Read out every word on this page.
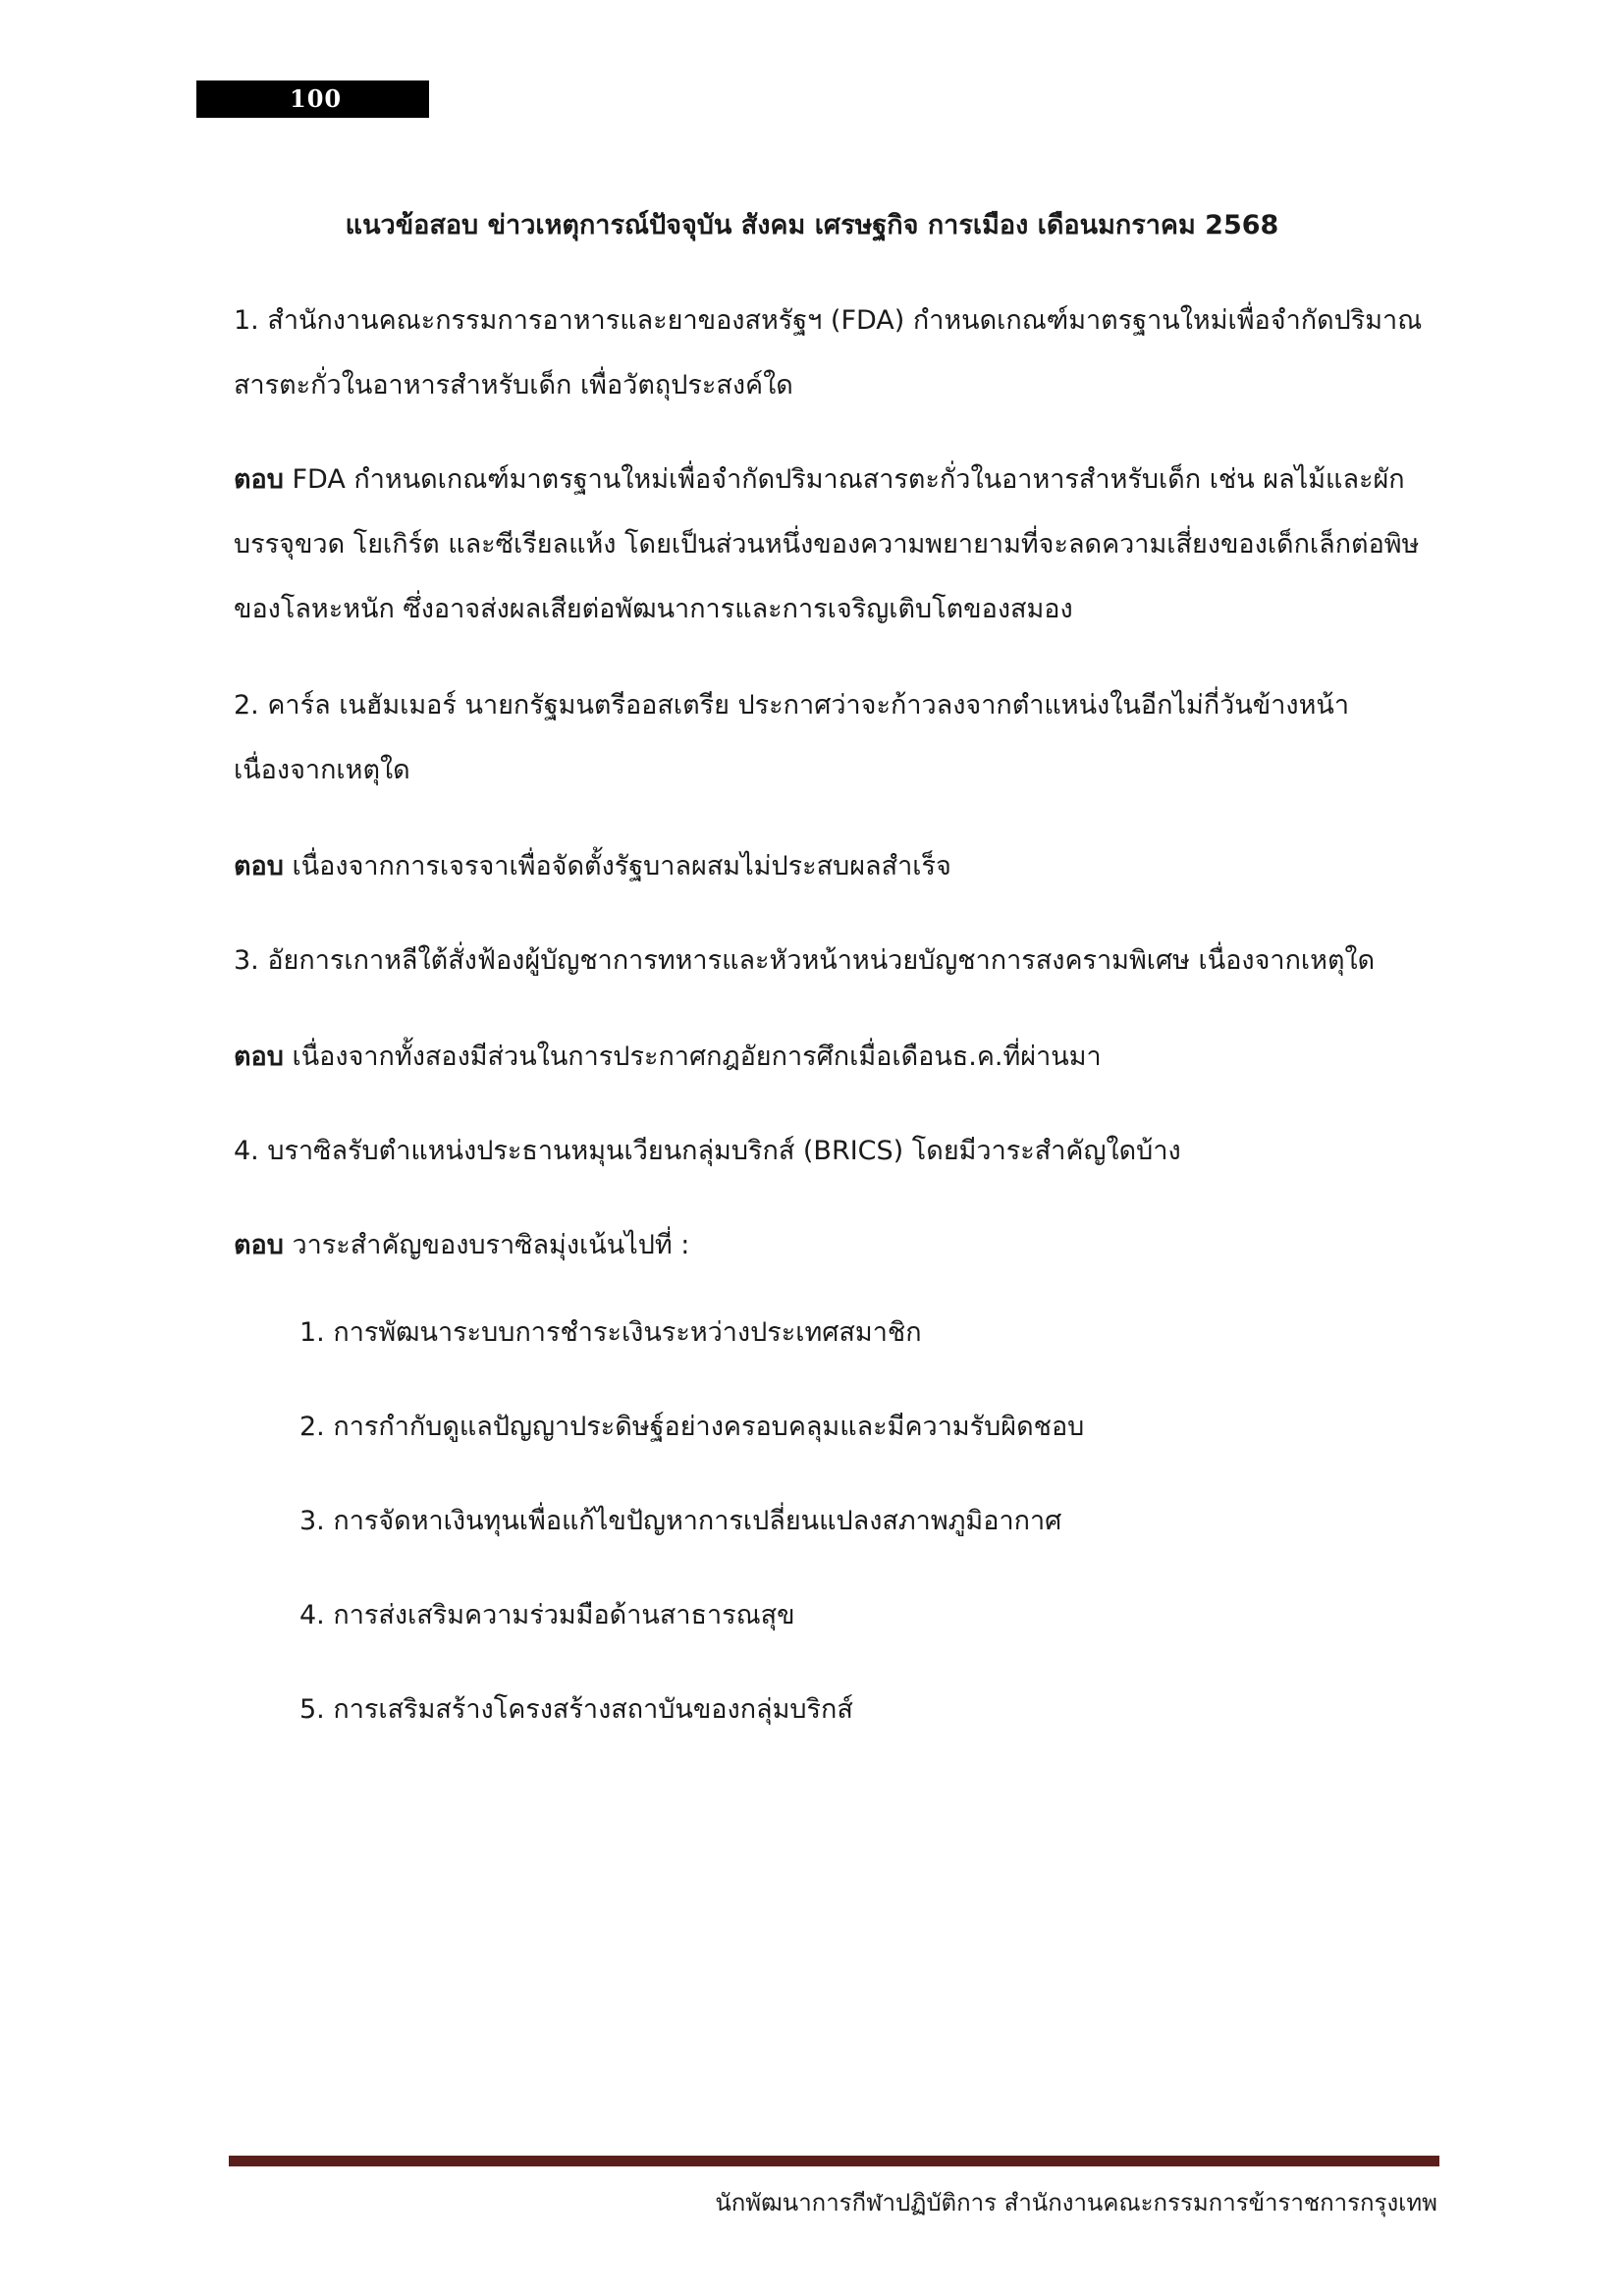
100
แนวข้อสอบ ข่าวเหตุการณ์ปัจจุบัน สังคม เศรษฐกิจ การเมือง เดือนมกราคม 2568
1. สำนักงานคณะกรรมการอาหารและยาของสหรัฐฯ (FDA) กำหนดเกณฑ์มาตรฐานใหม่เพื่อจำกัดปริมาณสารตะกั่วในอาหารสำหรับเด็ก เพื่อวัตถุประสงค์ใด
ตอบ FDA กำหนดเกณฑ์มาตรฐานใหม่เพื่อจำกัดปริมาณสารตะกั่วในอาหารสำหรับเด็ก เช่น ผลไม้และผักบรรจุขวด โยเกิร์ต และซีเรียลแห้ง โดยเป็นส่วนหนึ่งของความพยายามที่จะลดความเสี่ยงของเด็กเล็กต่อพิษของโลหะหนัก ซึ่งอาจส่งผลเสียต่อพัฒนาการและการเจริญเติบโตของสมอง
2. คาร์ล เนฮัมเมอร์ นายกรัฐมนตรีออสเตรีย ประกาศว่าจะก้าวลงจากตำแหน่งในอีกไม่กี่วันข้างหน้า เนื่องจากเหตุใด
ตอบ เนื่องจากการเจรจาเพื่อจัดตั้งรัฐบาลผสมไม่ประสบผลสำเร็จ
3. อัยการเกาหลีใต้สั่งฟ้องผู้บัญชาการทหารและหัวหน้าหน่วยบัญชาการสงครามพิเศษ เนื่องจากเหตุใด
ตอบ เนื่องจากทั้งสองมีส่วนในการประกาศกฎอัยการศึกเมื่อเดือนธ.ค.ที่ผ่านมา
4. บราซิลรับตำแหน่งประธานหมุนเวียนกลุ่มบริกส์ (BRICS) โดยมีวาระสำคัญใดบ้าง
ตอบ วาระสำคัญของบราซิลมุ่งเน้นไปที่ :
1. การพัฒนาระบบการชำระเงินระหว่างประเทศสมาชิก
2. การกำกับดูแลปัญญาประดิษฐ์อย่างครอบคลุมและมีความรับผิดชอบ
3. การจัดหาเงินทุนเพื่อแก้ไขปัญหาการเปลี่ยนแปลงสภาพภูมิอากาศ
4. การส่งเสริมความร่วมมือด้านสาธารณสุข
5. การเสริมสร้างโครงสร้างสถาบันของกลุ่มบริกส์
นักพัฒนาการกีฬาปฏิบัติการ สำนักงานคณะกรรมการข้าราชการกรุงเทพ
